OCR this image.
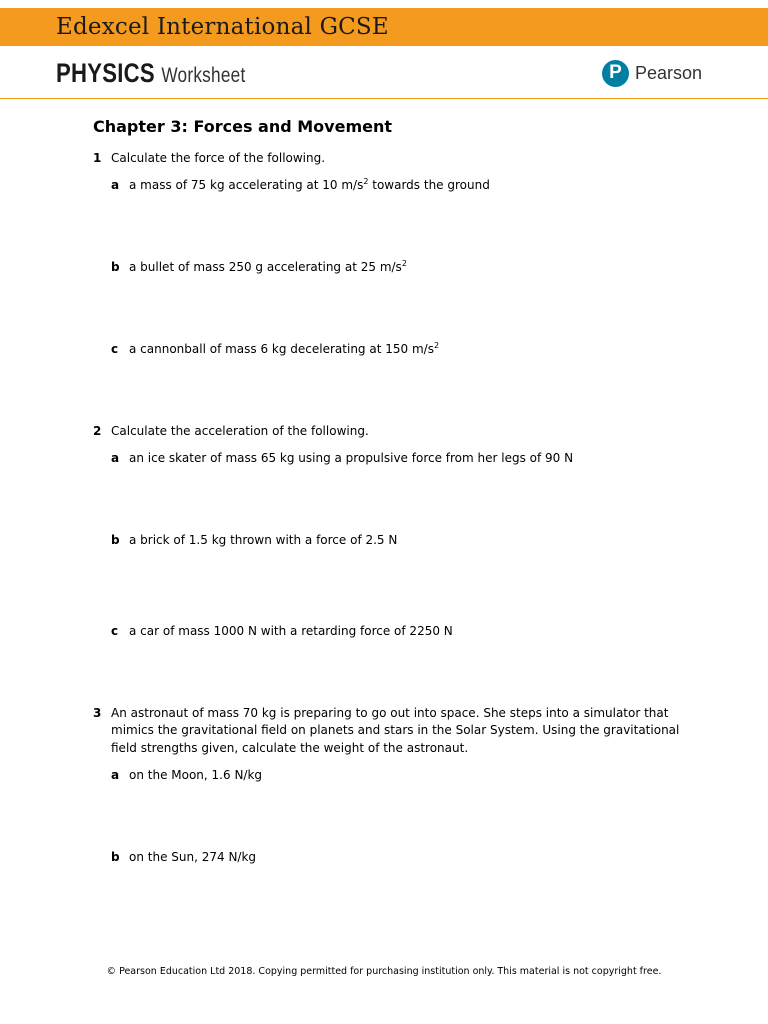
Edexcel International GCSE
PHYSICS Worksheet	P Pearson
Chapter 3: Forces and Movement
1 Calculate the force of the following.
a a mass of 75 kg accelerating at 10 $m/s^2$ towards the ground
b a bullet of mass 250 g accelerating at 25 $m/s^2$
c a cannonball of mass 6 kg decelerating at 150 $m/s^2$
2 Calculate the acceleration of the following.
a an ice skater of mass 65 kg using a propulsive force from her legs of 90 N
b a brick of 1.5 kg thrown with a force of 2.5 N
c a car of mass 1000 N with a retarding force of 2250 N
3 An astronaut of mass 70 kg is preparing to go out into space. She steps into a simulator that
mimics the gravitational field on planets and stars in the Solar System. Using the gravitational
field strengths given, calculate the weight of the astronaut.
a on the Moon, 1.6 N/kg
b on the Sun, 274 N/kg
© Pearson Education Ltd 2018. Copying permitted for purchasing institution only. This material is not copyright free.
